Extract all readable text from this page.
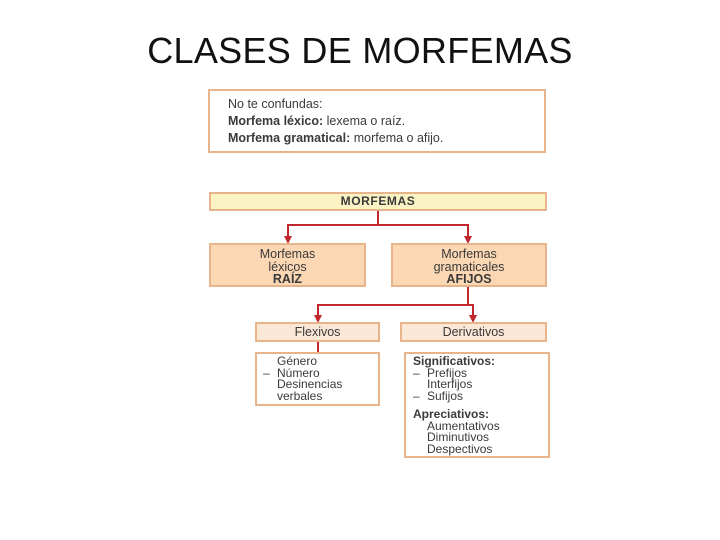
CLASES DE MORFEMAS
No te confundas:
Morfema léxico: lexema o raíz.
Morfema gramatical: morfema o afijo.
MORFEMAS
Morfemas
léxicos
RAÍZ
Morfemas
gramaticales
AFIJOS
Flexivos	Derivativos
Género
– Número
Desinencias
verbales
Significativos:
– Prefijos
Interfijos
– Sufijos
Apreciativos:
Aumentativos
Diminutivos
Despectivos
